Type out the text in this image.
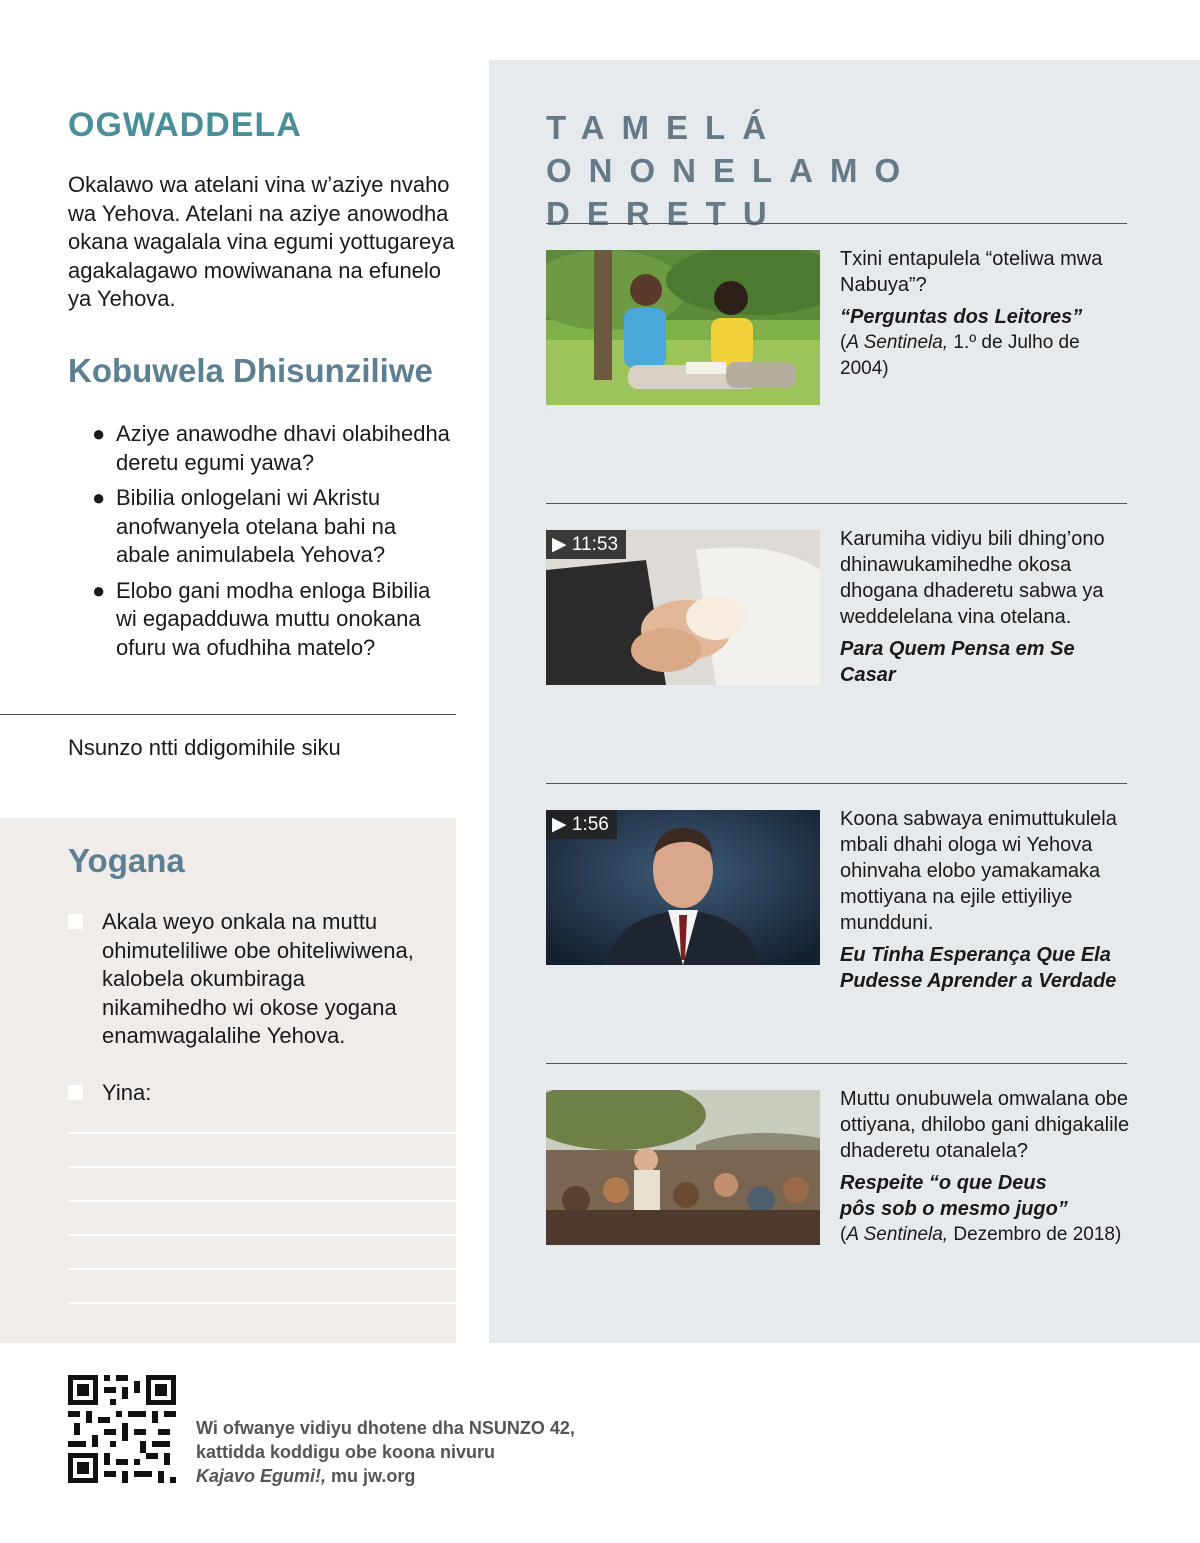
OGWADDELA

Okalawo wa atelani vina w’aziye nvaho wa Yehova. Atelani na aziye anowodha okana wagalala vina egumi yottugareya agakalagawo mowiwanana na efunelo ya Yehova.

Kobuwela Dhisunziliwe
● Aziye anawodhe dhavi olabihedha deretu egumi yawa?
● Bibilia onlogelani wi Akristu anofwanyela otelana bahi na abale animulabela Yehova?
● Elobo gani modha enloga Bibilia wi egapadduwa muttu onokana ofuru wa ofudhiha matelo?

Nsunzo ntti ddigomihile siku

Yogana
Akala weyo onkala na muttu ohimuteliliwe obe ohiteliwiwena, kalobela okumbiraga nikamihedho wi okose yogana enamwagalalihe Yehova.
Yina:
TAMELÁ ONONELAMO DERETU

Txini entapulela “oteliwa mwa Nabuya”?

“Perguntas dos Leitores”

(A Sentinela, 1.º de Julho de 2004)

▶ 11:53	Karumiha vidiyu bili dhing’ono dhinawukamihedhe okosa dhogana dhaderetu sabwa ya weddelelana vina otelana.

Para Quem Pensa em Se Casar

▶ 1:56	Koona sabwaya enimuttukulela mbali dhahi ologa wi Yehova ohinvaha elobo yamakamaka mottiyana na ejile ettiyiliye mundduni.

Eu Tinha Esperança Que Ela Pudesse Aprender a Verdade

Muttu onubuwela omwalana obe ottiyana, dhilobo gani dhigakalile dhaderetu otanalela?

Respeite “o que Deus pôs sob o mesmo jugo”

(A Sentinela, Dezembro de 2018)

Wi ofwanye vidiyu dhotene dha NSUNZO 42, kattidda koddigu obe koona nivuru
Kajavo Egumi!, mu jw.org
